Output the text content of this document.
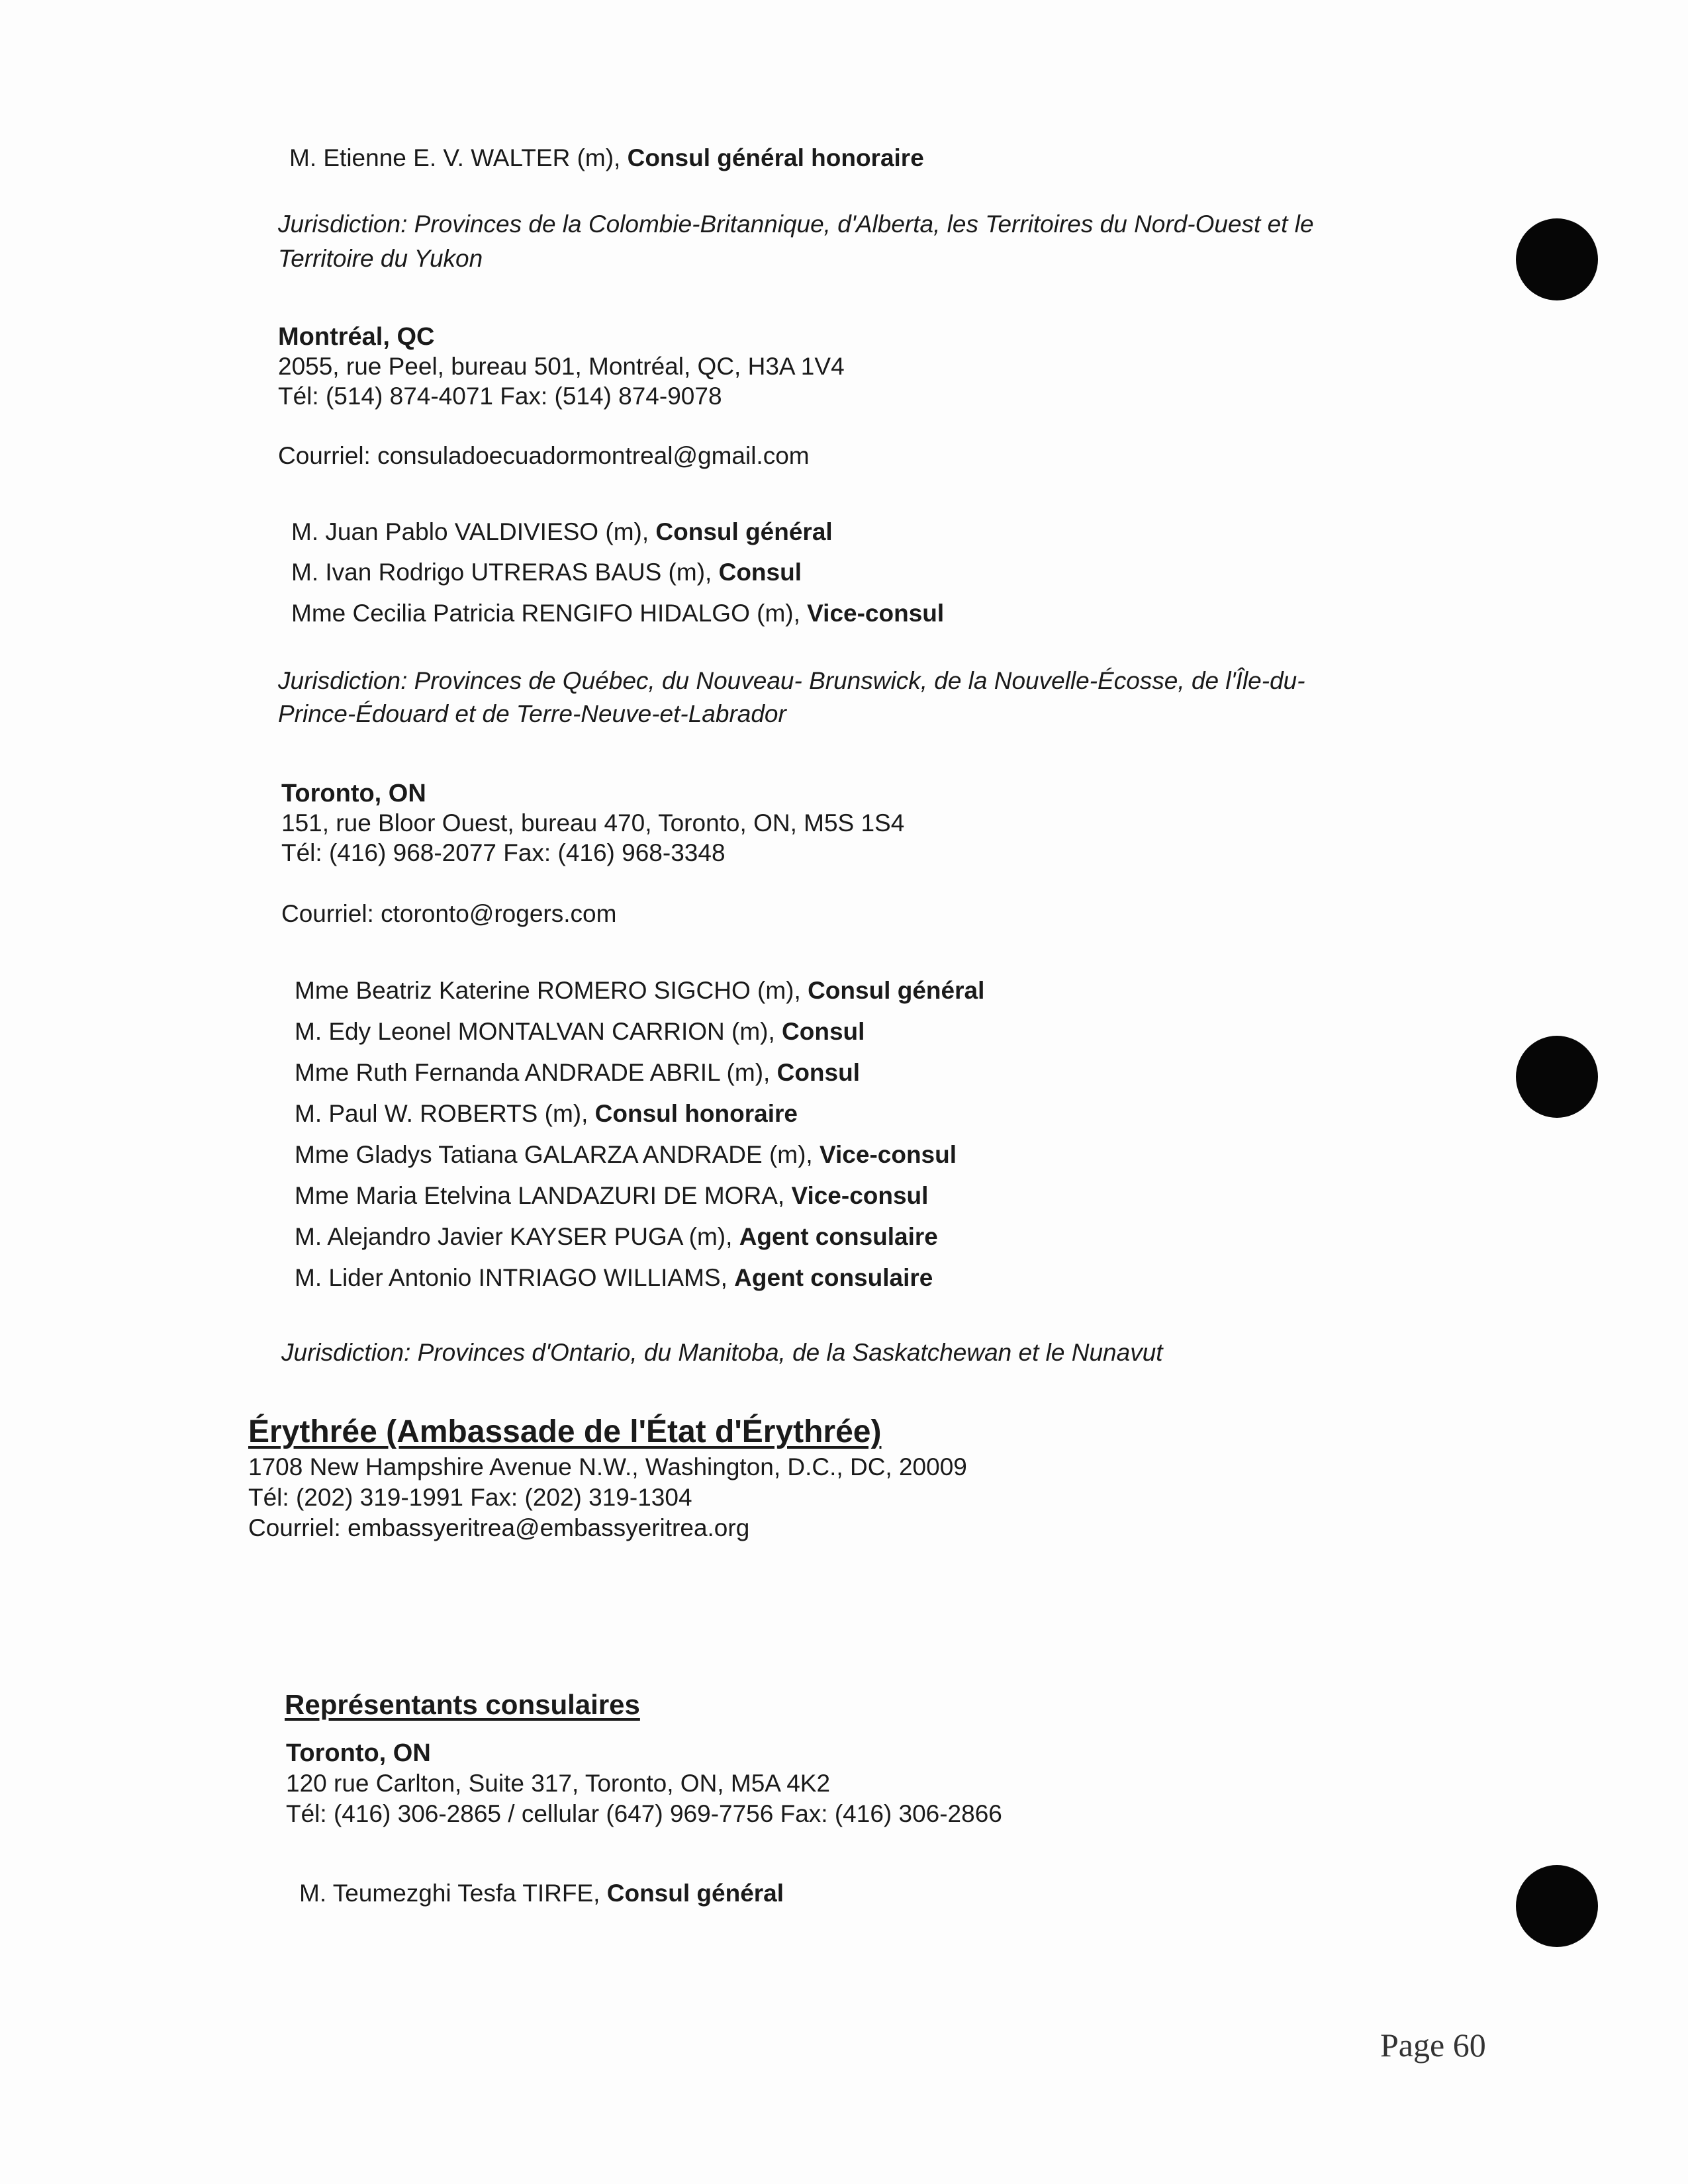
M. Etienne E. V. WALTER (m), Consul général honoraire
Jurisdiction: Provinces de la Colombie-Britannique, d'Alberta, les Territoires du Nord-Ouest et le
Territoire du Yukon
Montréal, QC
2055, rue Peel, bureau 501, Montréal, QC, H3A 1V4
Tél: (514) 874-4071 Fax: (514) 874-9078
Courriel: consuladoecuadormontreal@gmail.com
M. Juan Pablo VALDIVIESO (m), Consul général
M. Ivan Rodrigo UTRERAS BAUS (m), Consul
Mme Cecilia Patricia RENGIFO HIDALGO (m), Vice-consul
Jurisdiction: Provinces de Québec, du Nouveau- Brunswick, de la Nouvelle-Écosse, de l'Île-du-
Prince-Édouard et de Terre-Neuve-et-Labrador
Toronto, ON
151, rue Bloor Ouest, bureau 470, Toronto, ON, M5S 1S4
Tél: (416) 968-2077 Fax: (416) 968-3348
Courriel: ctoronto@rogers.com
Mme Beatriz Katerine ROMERO SIGCHO (m), Consul général
M. Edy Leonel MONTALVAN CARRION (m), Consul
Mme Ruth Fernanda ANDRADE ABRIL (m), Consul
M. Paul W. ROBERTS (m), Consul honoraire
Mme Gladys Tatiana GALARZA ANDRADE (m), Vice-consul
Mme Maria Etelvina LANDAZURI DE MORA, Vice-consul
M. Alejandro Javier KAYSER PUGA (m), Agent consulaire
M. Lider Antonio INTRIAGO WILLIAMS, Agent consulaire
Jurisdiction: Provinces d'Ontario, du Manitoba, de la Saskatchewan et le Nunavut
Érythrée (Ambassade de l'État d'Érythrée)
1708 New Hampshire Avenue N.W., Washington, D.C., DC, 20009
Tél: (202) 319-1991 Fax: (202) 319-1304
Courriel: embassyeritrea@embassyeritrea.org
Représentants consulaires
Toronto, ON
120 rue Carlton, Suite 317, Toronto, ON, M5A 4K2
Tél: (416) 306-2865 / cellular (647) 969-7756 Fax: (416) 306-2866
M. Teumezghi Tesfa TIRFE, Consul général
Page 60
